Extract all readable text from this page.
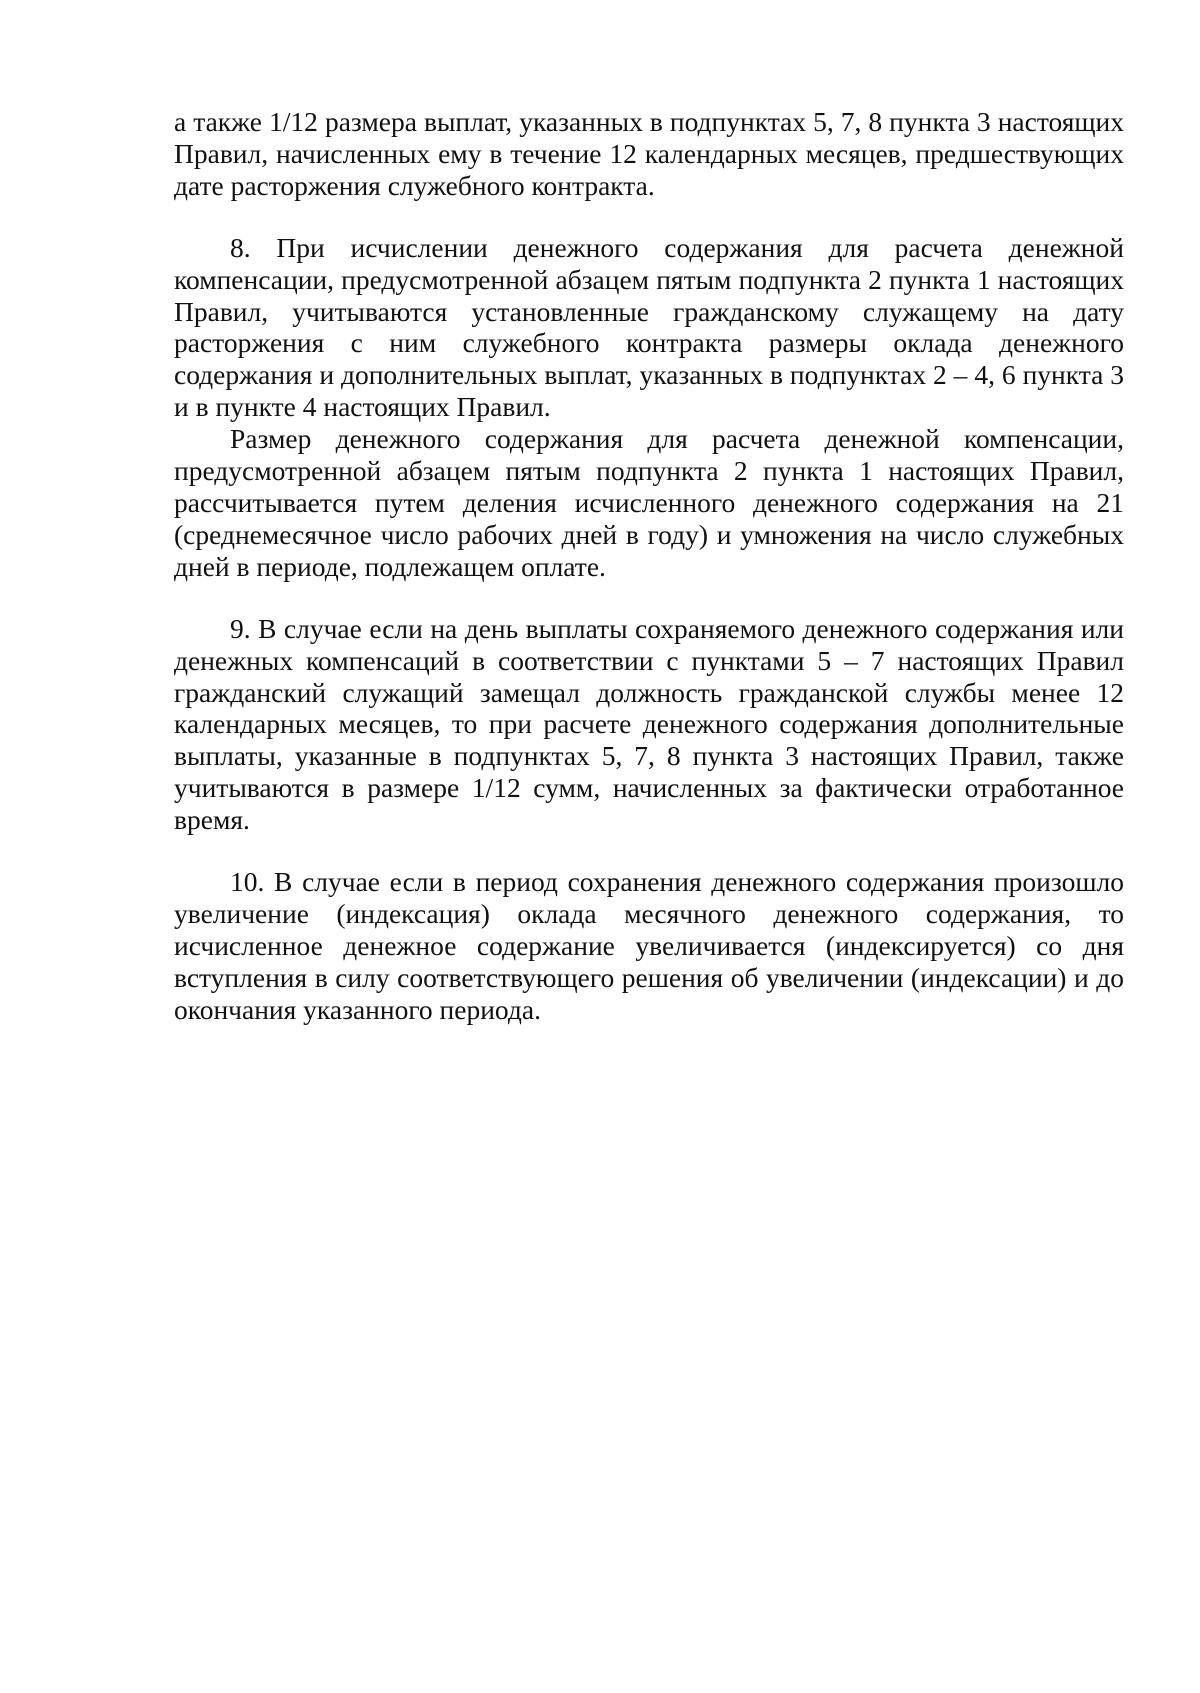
а также 1/12 размера выплат, указанных в подпунктах 5, 7, 8 пункта 3 настоящих Правил, начисленных ему в течение 12 календарных месяцев, предшествующих дате расторжения служебного контракта.

8. При исчислении денежного содержания для расчета денежной компенсации, предусмотренной абзацем пятым подпункта 2 пункта 1 настоящих Правил, учитываются установленные гражданскому служащему на дату расторжения с ним служебного контракта размеры оклада денежного содержания и дополнительных выплат, указанных в подпунктах 2 – 4, 6 пункта 3 и в пункте 4 настоящих Правил.

Размер денежного содержания для расчета денежной компенсации, предусмотренной абзацем пятым подпункта 2 пункта 1 настоящих Правил, рассчитывается путем деления исчисленного денежного содержания на 21 (среднемесячное число рабочих дней в году) и умножения на число служебных дней в периоде, подлежащем оплате.

9. В случае если на день выплаты сохраняемого денежного содержания или денежных компенсаций в соответствии с пунктами 5 – 7 настоящих Правил гражданский служащий замещал должность гражданской службы менее 12 календарных месяцев, то при расчете денежного содержания дополнительные выплаты, указанные в подпунктах 5, 7, 8 пункта 3 настоящих Правил, также учитываются в размере 1/12 сумм, начисленных за фактически отработанное время.

10. В случае если в период сохранения денежного содержания произошло увеличение (индексация) оклада месячного денежного содержания, то исчисленное денежное содержание увеличивается (индексируется) со дня вступления в силу соответствующего решения об увеличении (индексации) и до окончания указанного периода.
